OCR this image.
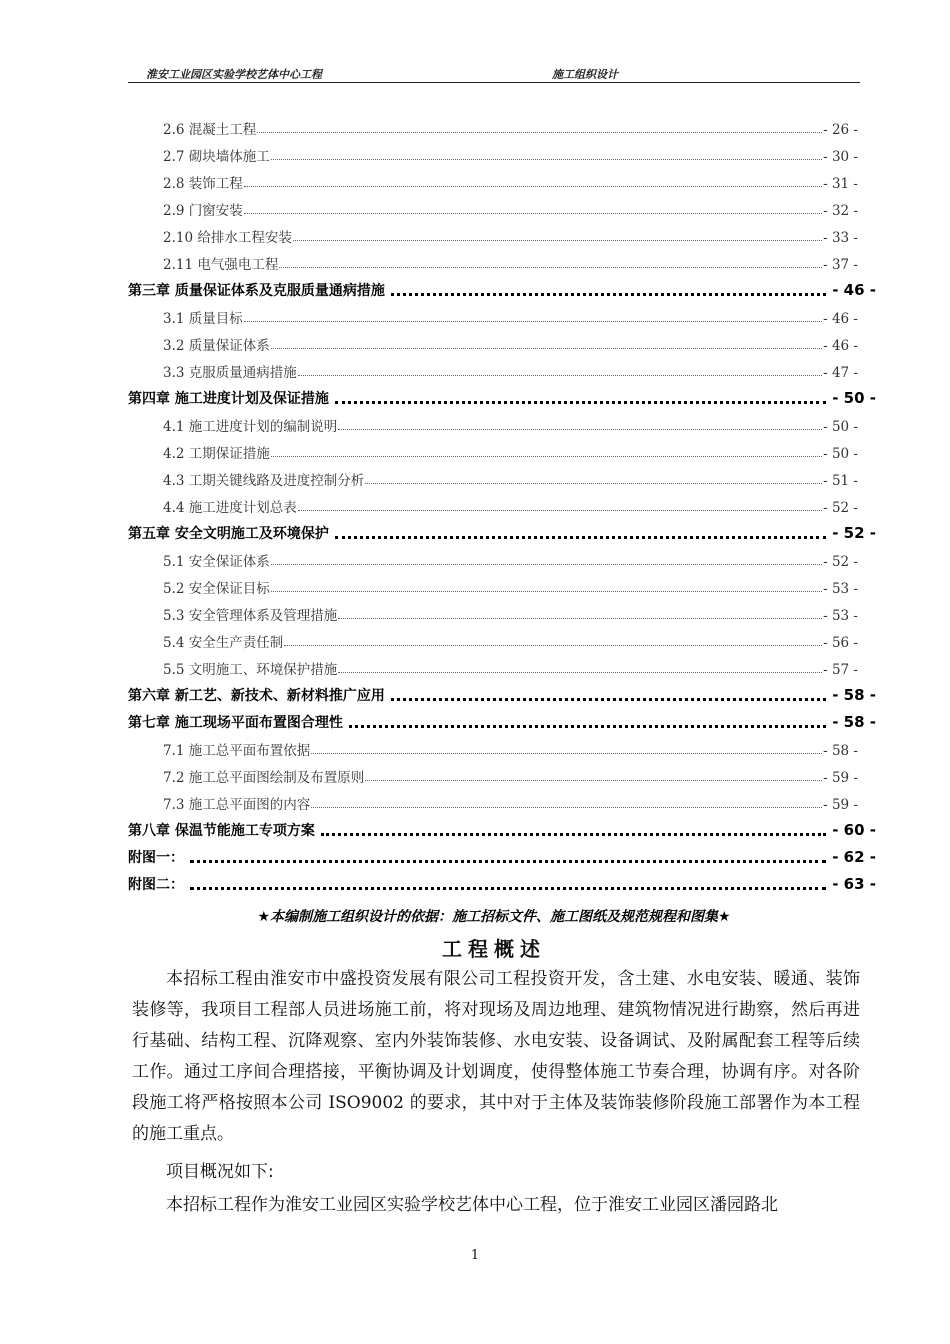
淮安工业园区实验学校艺体中心工程	施工组织设计
2.6 混凝土工程	- 26 -
2.7 砌块墙体施工	- 30 -
2.8 装饰工程	- 31 -
2.9 门窗安装	- 32 -
2.10 给排水工程安装	- 33 -
2.11 电气强电工程	- 37 -
第三章 质量保证体系及克服质量通病措施	- 46 -
3.1 质量目标	- 46 -
3.2 质量保证体系	- 46 -
3.3 克服质量通病措施	- 47 -
第四章 施工进度计划及保证措施	- 50 -
4.1 施工进度计划的编制说明	- 50 -
4.2 工期保证措施	- 50 -
4.3 工期关键线路及进度控制分析	- 51 -
4.4 施工进度计划总表	- 52 -
第五章 安全文明施工及环境保护	- 52 -
5.1 安全保证体系	- 52 -
5.2 安全保证目标	- 53 -
5.3 安全管理体系及管理措施	- 53 -
5.4 安全生产责任制	- 56 -
5.5 文明施工、环境保护措施	- 57 -
第六章 新工艺、新技术、新材料推广应用	- 58 -
第七章 施工现场平面布置图合理性	- 58 -
7.1 施工总平面布置依据	- 58 -
7.2 施工总平面图绘制及布置原则	- 59 -
7.3 施工总平面图的内容	- 59 -
第八章 保温节能施工专项方案	- 60 -
附图一：	- 62 -
附图二：	- 63 -
★本编制施工组织设计的依据：施工招标文件、施工图纸及规范规程和图集★
工程概述

本招标工程由淮安市中盛投资发展有限公司工程投资开发，含土建、水电安装、暖通、装饰装修等，我项目工程部人员进场施工前，将对现场及周边地理、建筑物情况进行勘察，然后再进行基础、结构工程、沉降观察、室内外装饰装修、水电安装、设备调试、及附属配套工程等后续工作。通过工序间合理搭接，平衡协调及计划调度，使得整体施工节奏合理，协调有序。对各阶段施工将严格按照本公司 ISO9002 的要求，其中对于主体及装饰装修阶段施工部署作为本工程的施工重点。

项目概况如下:
本招标工程作为淮安工业园区实验学校艺体中心工程，位于淮安工业园区潘园路北
1
